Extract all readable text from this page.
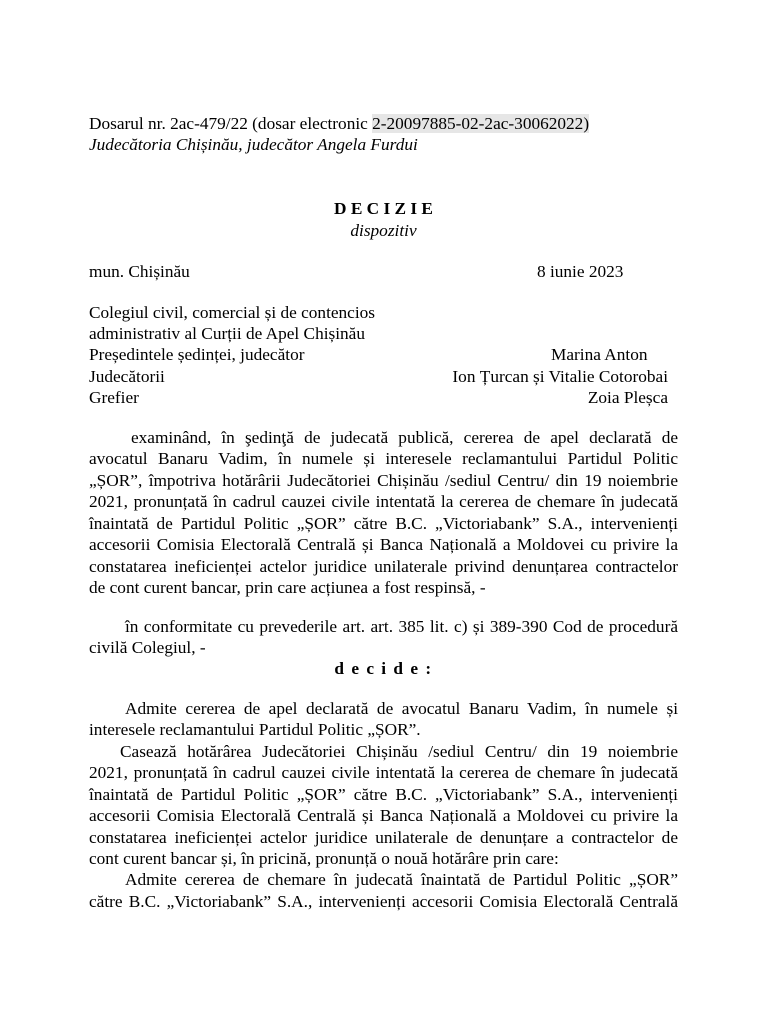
Dosarul nr. 2ac-479/22 (dosar electronic 2-20097885-02-2ac-30062022)
Judecătoria Chișinău, judecător Angela Furdui
D E C I Z I E
dispozitiv
mun. Chișinău	8 iunie 2023
Colegiul civil, comercial și de contencios
administrativ al Curții de Apel Chișinău
Președintele ședinței, judecător	Marina Anton
Judecătorii	Ion Țurcan și Vitalie Cotorobai
Grefier	Zoia Pleșca
examinând, în şedinţă de judecată publică, cererea de apel declarată de
avocatul Banaru Vadim, în numele și interesele reclamantului Partidul Politic
„ȘOR”, împotriva hotărârii Judecătoriei Chișinău /sediul Centru/ din 19 noiembrie
2021, pronunțată în cadrul cauzei civile intentată la cererea de chemare în judecată
înaintată de Partidul Politic „ȘOR” către B.C. „Victoriabank” S.A., intervenienți
accesorii Comisia Electorală Centrală și Banca Națională a Moldovei cu privire la
constatarea ineficienței actelor juridice unilaterale privind denunțarea contractelor
de cont curent bancar, prin care acțiunea a fost respinsă, -
în conformitate cu prevederile art. art. 385 lit. c) și 389-390 Cod de procedură
civilă Colegiul, -
d e c i d e :
Admite cererea de apel declarată de avocatul Banaru Vadim, în numele și
interesele reclamantului Partidul Politic „ȘOR”.
Casează hotărârea Judecătoriei Chișinău /sediul Centru/ din 19 noiembrie
2021, pronunțată în cadrul cauzei civile intentată la cererea de chemare în judecată
înaintată de Partidul Politic „ȘOR” către B.C. „Victoriabank” S.A., intervenienți
accesorii Comisia Electorală Centrală și Banca Națională a Moldovei cu privire la
constatarea ineficienței actelor juridice unilaterale de denunțare a contractelor de
cont curent bancar și, în pricină, pronunță o nouă hotărâre prin care:
Admite cererea de chemare în judecată înaintată de Partidul Politic „ȘOR”
către B.C. „Victoriabank” S.A., intervenienți accesorii Comisia Electorală Centrală
